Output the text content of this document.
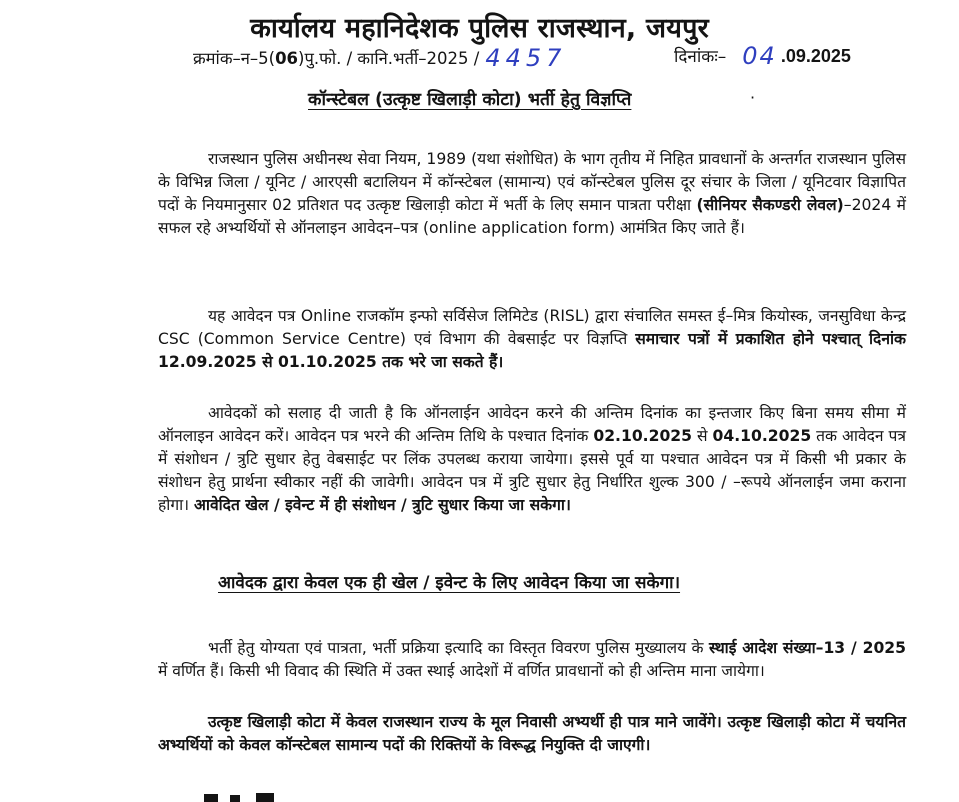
कार्यालय महानिदेशक पुलिस राजस्थान, जयपुर
क्रमांक–न–5(06)पु.फो. / कानि.भर्ती–2025 / 4457	दिनांकः– 04 .09.2025
कॉन्स्टेबल (उत्कृष्ट खिलाड़ी कोटा) भर्ती हेतु विज्ञप्ति	·

राजस्थान पुलिस अधीनस्थ सेवा नियम, 1989 (यथा संशोधित) के भाग तृतीय में निहित प्रावधानों के अन्तर्गत राजस्थान पुलिस के विभिन्न जिला / यूनिट / आरएसी बटालियन में कॉन्स्टेबल (सामान्य) एवं कॉन्स्टेबल पुलिस दूर संचार के जिला / यूनिटवार विज्ञापित पदों के नियमानुसार 02 प्रतिशत पद उत्कृष्ट खिलाड़ी कोटा में भर्ती के लिए समान पात्रता परीक्षा (सीनियर सैकण्डरी लेवल)–2024 में सफल रहे अभ्यर्थियों से ऑनलाइन आवेदन–पत्र (online application form) आमंत्रित किए जाते हैं।

यह आवेदन पत्र Online राजकॉम इन्फो सर्विसेज लिमिटेड (RISL) द्वारा संचालित समस्त ई–मित्र कियोस्क, जनसुविधा केन्द्र CSC (Common Service Centre) एवं विभाग की वेबसाईट पर विज्ञप्ति समाचार पत्रों में प्रकाशित होने पश्चात् दिनांक 12.09.2025 से 01.10.2025 तक भरे जा सकते हैं।

आवेदकों को सलाह दी जाती है कि ऑनलाईन आवेदन करने की अन्तिम दिनांक का इन्तजार किए बिना समय सीमा में ऑनलाइन आवेदन करें। आवेदन पत्र भरने की अन्तिम तिथि के पश्चात दिनांक 02.10.2025 से 04.10.2025 तक आवेदन पत्र में संशोधन / त्रुटि सुधार हेतु वेबसाईट पर लिंक उपलब्ध कराया जायेगा। इससे पूर्व या पश्चात आवेदन पत्र में किसी भी प्रकार के संशोधन हेतु प्रार्थना स्वीकार नहीं की जावेगी। आवेदन पत्र में त्रुटि सुधार हेतु निर्धारित शुल्क 300 / –रूपये ऑनलाईन जमा कराना होगा। आवेदित खेल / इवेन्ट में ही संशोधन / त्रुटि सुधार किया जा सकेगा।

आवेदक द्वारा केवल एक ही खेल / इवेन्ट के लिए आवेदन किया जा सकेगा।

भर्ती हेतु योग्यता एवं पात्रता, भर्ती प्रक्रिया इत्यादि का विस्तृत विवरण पुलिस मुख्यालय के स्थाई आदेश संख्या–13 / 2025 में वर्णित हैं। किसी भी विवाद की स्थिति में उक्त स्थाई आदेशों में वर्णित प्रावधानों को ही अन्तिम माना जायेगा।

उत्कृष्ट खिलाड़ी कोटा में केवल राजस्थान राज्य के मूल निवासी अभ्यर्थी ही पात्र माने जावेंगे। उत्कृष्ट खिलाड़ी कोटा में चयनित अभ्यर्थियों को केवल कॉन्स्टेबल सामान्य पदों की रिक्तियों के विरूद्ध नियुक्ति दी जाएगी।
